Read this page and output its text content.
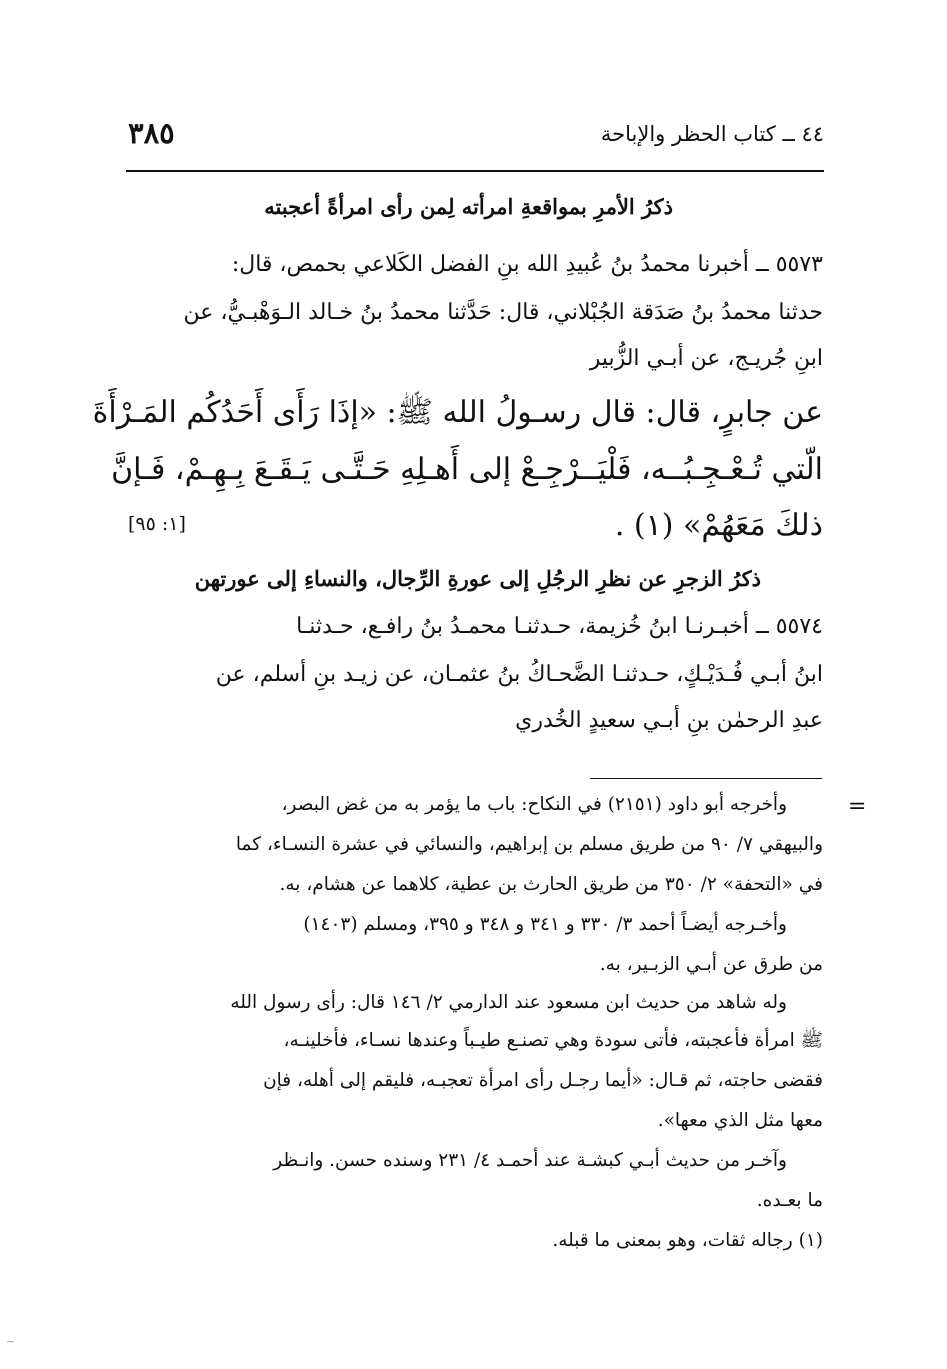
٤٤ ــ كتاب الحظر والإباحة
٣٨٥
ذكرُ الأمرِ بمواقعةِ امرأته لِمن رأى امرأةً أعجبته
٥٥٧٣ ــ أخبرنا محمدُ بنُ عُبيدِ الله بنِ الفضل الكَلاعي بحمص، قال:
حدثنا محمدُ بنُ صَدَقة الجُبْلاني، قال: حَدَّثنا محمدُ بنُ خـالد الـوَهْبـيُّ، عن
ابنِ جُريـج، عن أبـي الزُّبير
عن جابرٍ، قال: قال رسـولُ الله ﷺ: «إذَا رَأَى أَحَدُكُم المَـرْأَةَ
الّتي تُـعْـجِـبُــه، فَلْيَــرْجِـعْ إلى أَهـلِهِ حَـتَّـى يَـقَـعَ بِـهِـمْ، فَـإنَّ
ذلكَ مَعَهُمْ» (١) .
[١: ٩٥]
ذكرُ الزجرِ عن نظرِ الرجُلِ إلى عورةِ الرِّجال، والنساءِ إلى عورتهن
٥٥٧٤ ــ أخبـرنـا ابنُ خُزيمة، حـدثنـا محمـدُ بنُ رافـع، حـدثنـا
ابنُ أبـي فُـدَيْـكٍ، حـدثنـا الضَّحـاكُ بنُ عثمـان، عن زيـد بنِ أسلم، عن
عبدِ الرحمٰن بنِ أبـي سعيدٍ الخُدري
=
وأخرجه أبو داود (٢١٥١) في النكاح: باب ما يؤمر به من غض البصر،
والبيهقي ٧/ ٩٠ من طريق مسلم بن إبراهيم، والنسائي في عشرة النسـاء، كما
في «التحفة» ٢/ ٣٥٠ من طريق الحارث بن عطية، كلاهما عن هشام، به.
وأخـرجه أيضـاً أحمد ٣/ ٣٣٠ و ٣٤١ و ٣٤٨ و ٣٩٥، ومسلم (١٤٠٣)
من طرق عن أبـي الزبـير، به.
وله شاهد من حديث ابن مسعود عند الدارمي ٢/ ١٤٦ قال: رأى رسول الله
ﷺ امرأة فأعجبته، فأتى سودة وهي تصنـع طيـباً وعندها نسـاء، فأخلينـه،
فقضى حاجته، ثم قـال: «أيما رجـل رأى امرأة تعجبـه، فليقم إلى أهله، فإن
معها مثل الذي معها».
وآخـر من حديث أبـي كبشـة عند أحمـد ٤/ ٢٣١ وسنده حسن. وانـظر
ما بعـده.
(١) رجاله ثقات، وهو بمعنى ما قبله.
~
